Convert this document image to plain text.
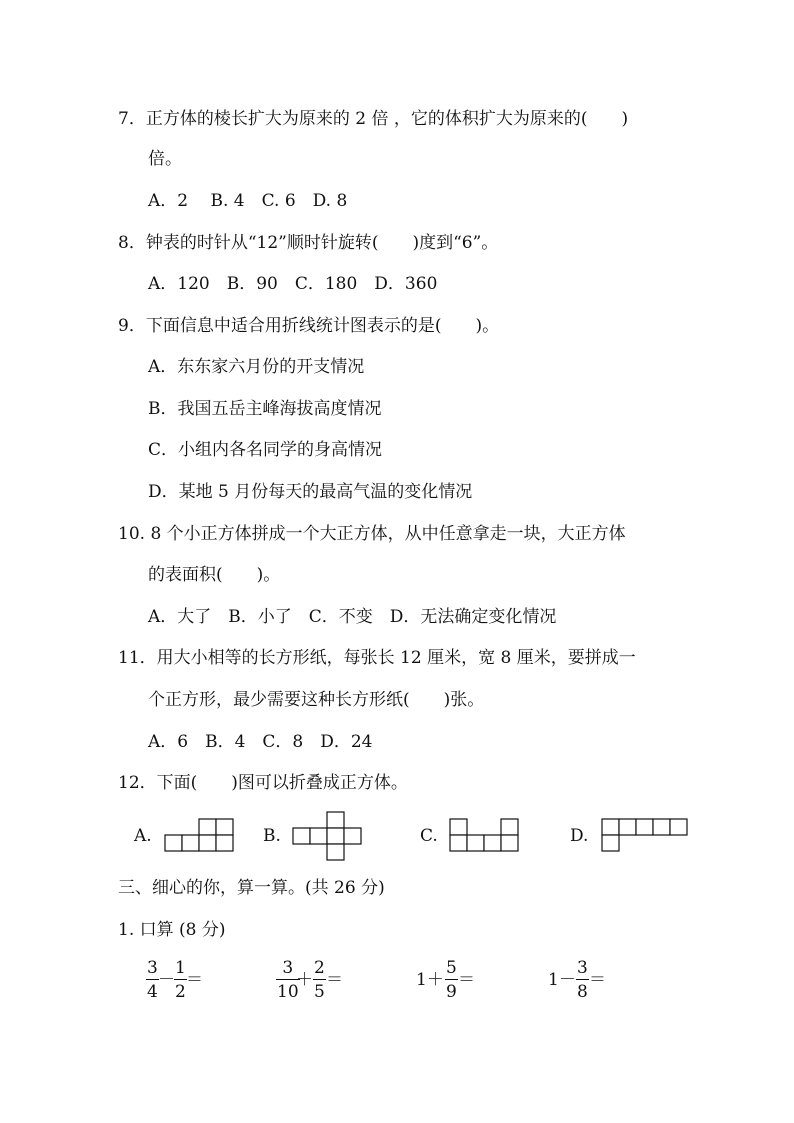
7．正方体的棱长扩大为原来的 2 倍 ，它的体积扩大为原来的(　　)
倍。
A．2　 B. 4　C. 6　D. 8
8．钟表的时针从“12”顺时针旋转(　　)度到“6”。
A．120　B．90　C．180　D．360
9．下面信息中适合用折线统计图表示的是(　　)。
A．东东家六月份的开支情况
B．我国五岳主峰海拔高度情况
C．小组内各名同学的身高情况
D．某地 5 月份每天的最高气温的变化情况
10. 8 个小正方体拼成一个大正方体，从中任意拿走一块，大正方体
的表面积(　　)。
A．大了　B．小了　C．不变　D．无法确定变化情况
11．用大小相等的长方形纸，每张长 12 厘米，宽 8 厘米，要拼成一
个正方形，最少需要这种长方形纸(　　)张。
A．6　B．4　C．8　D．24
12．下面(　　)图可以折叠成正方体。
A.	B.	C.	D.
三、细心的你，算一算。(共 26 分)
1. 口算 (8 分)
3
4
－
1
2
＝
3
10
＋
2
5
＝	1＋
5
9
＝	1－
3
8
＝
